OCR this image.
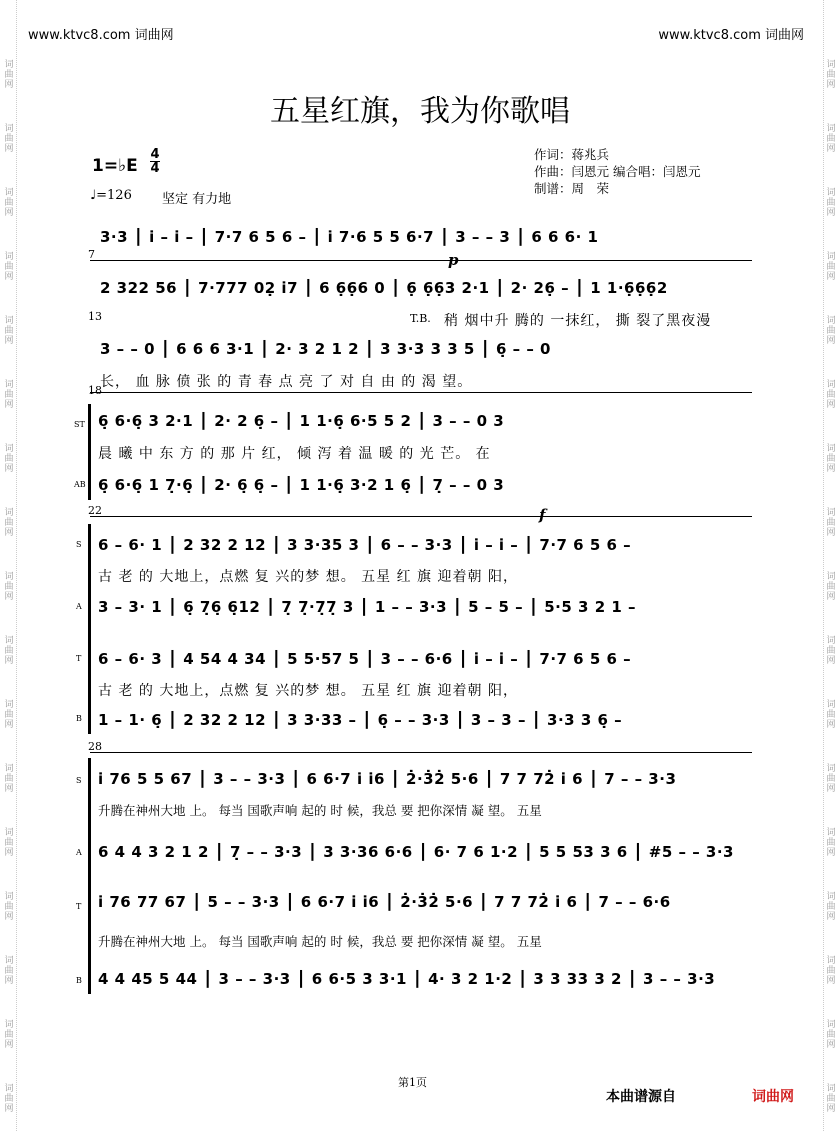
www.ktvc8.com 词曲网	www.ktvc8.com 词曲网
词
曲
网
词
曲
网
词
曲
网
词
曲
网
词
曲
网
词
曲
网
词
曲
网
词
曲
网
词
曲
网
词
曲
网
词
曲
网
词
曲
网
词
曲
网
词
曲
网
词
曲
网
词
曲
网
词
曲
网
词
曲
网
词
曲
网
词
曲
网
词
曲
网
词
曲
网
词
曲
网
词
曲
网
词
曲
网
词
曲
网
词
曲
网
词
曲
网
词
曲
网
词
曲
网
词
曲
网
词
曲
网
词
曲
网
词
曲
网
五星红旗，我为你歌唱
作词：蒋兆兵
作曲：闫恩元 编合唱：闫恩元
制谱：周　荣
1=♭E
4
4
♩=126 坚定 有力地
7
13
18
22
28
p
f
T.B.
ST
AB
S
A
T
B
S
A
T
B
3·3 ⎮ i̇ – i̇ – ⎮ 7·7 6 5 6 – ⎮ i̇ 7·6 5 5 6·7 ⎮ 3 – – 3 ⎮ 6 6 6· 1
2 322 56 ⎮ 7·777 02̣ i̇7 ⎮ 6 6̣6̣6 0 ⎮ 6̣ 6̣6̣3 2·1 ⎮ 2· 26̣ – ⎮ 1 1·6̣6̣6̣2
稍 烟中升 腾的 一抹红， 撕 裂了黑夜漫
3 – – 0 ⎮ 6 6 6 3·1 ⎮ 2· 3 2 1 2 ⎮ 3 3·3 3 3 5 ⎮ 6̣ – – 0
长， 血 脉 偾 张 的 青 春 点 亮 了 对 自 由 的 渴 望。
6̣ 6·6̣ 3 2·1 ⎮ 2· 2 6̣ – ⎮ 1 1·6̣ 6·5 5 2 ⎮ 3 – – 0 3
晨 曦 中 东 方 的 那 片 红， 倾 泻 着 温 暖 的 光 芒。 在
6̣ 6·6̣ 1 7̣·6̣ ⎮ 2· 6̣ 6̣ – ⎮ 1 1·6̣ 3·2 1 6̣ ⎮ 7̣ – – 0 3
6 – 6· 1 ⎮ 2 32 2 12 ⎮ 3 3·35 3 ⎮ 6 – – 3·3 ⎮ i̇ – i̇ – ⎮ 7·7 6 5 6 –
古 老 的 大地上，点燃 复 兴的梦 想。 五星 红 旗 迎着朝 阳，
3 – 3· 1 ⎮ 6̣ 7̣6̣ 6̣12 ⎮ 7̣ 7̣·7̣7̣ 3 ⎮ 1 – – 3·3 ⎮ 5 – 5 – ⎮ 5·5 3 2 1 –
6 – 6· 3 ⎮ 4 54 4 34 ⎮ 5 5·57 5 ⎮ 3 – – 6·6 ⎮ i̇ – i̇ – ⎮ 7·7 6 5 6 –
古 老 的 大地上，点燃 复 兴的梦 想。 五星 红 旗 迎着朝 阳，
1 – 1· 6̣ ⎮ 2 32 2 12 ⎮ 3 3·33 – ⎮ 6̣ – – 3·3 ⎮ 3 – 3 – ⎮ 3·3 3 6̣ –
i̇ 76 5 5 67 ⎮ 3 – – 3·3 ⎮ 6 6·7 i̇ i̇6 ⎮ 2̇·3̇2̇ 5·6 ⎮ 7 7 72̇ i̇ 6 ⎮ 7 – – 3·3
升腾在神州大地 上。 每当 国歌声响 起的 时 候，我总 要 把你深情 凝 望。 五星
6 4 4 3 2 1 2 ⎮ 7̣ – – 3·3 ⎮ 3 3·36 6·6 ⎮ 6· 7 6 1·2 ⎮ 5 5 53 3 6 ⎮ #5 – – 3·3
i̇ 76 77 67 ⎮ 5 – – 3·3 ⎮ 6 6·7 i̇ i̇6 ⎮ 2̇·3̇2̇ 5·6 ⎮ 7 7 72̇ i̇ 6 ⎮ 7 – – 6·6
升腾在神州大地 上。 每当 国歌声响 起的 时 候，我总 要 把你深情 凝 望。 五星
4 4 45 5 44 ⎮ 3 – – 3·3 ⎮ 6 6·5 3 3·1 ⎮ 4· 3 2 1·2 ⎮ 3 3 33 3 2 ⎮ 3 – – 3·3
第1页
本曲谱源自	词曲网
